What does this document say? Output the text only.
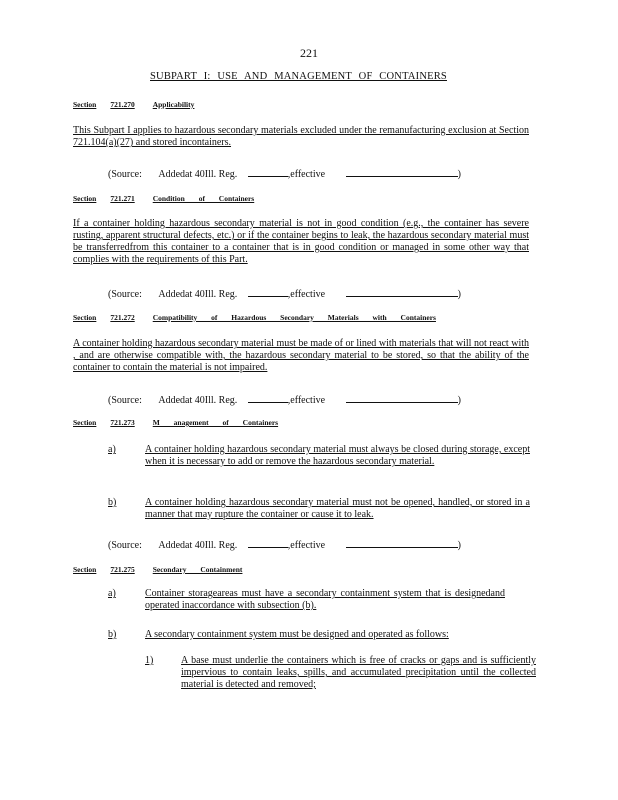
221
SUBPART I: USE AND MANAGEMENT OF CONTAINERS
Section 721.270 Applicability
This Subpart I applies to hazardous secondary materials excluded under the remanufacturing exclusion at Section 721.104(a)(27) and stored incontainers.
(Source: Addedat 40Ill. Reg.	,effective	)
Section 721.271 Condition of Containers
If a container holding hazardous secondary material is not in good condition (e.g., the container has severe rusting, apparent structural defects, etc.) or if the container begins to leak, the hazardous secondary material must be transferredfrom this container to a container that is in good condition or managed in some other way that complies with the requirements of this Part.
(Source: Addedat 40Ill. Reg.	,effective	)
Section 721.272 Compatibility of Hazardous Secondary Materials with Containers
A container holding hazardous secondary material must be made of or lined with materials that will not react with , and are otherwise compatible with, the hazardous secondary material to be stored, so that the ability of the container to contain the material is not impaired.
(Source: Addedat 40Ill. Reg.	,effective	)
Section 721.273 M anagement of Containers
a)	A container holding hazardous secondary material must always be closed during storage, except when it is necessary to add or remove the hazardous secondary material.
b)	A container holding hazardous secondary material must not be opened, handled, or stored in a manner that may rupture the container or cause it to leak.
(Source: Addedat 40Ill. Reg.	,effective	)
Section 721.275 Secondary Containment
a)	Container storageareas must have a secondary containment system that is designedand operated inaccordance with subsection (b).
b)	A secondary containment system must be designed and operated as follows:
1)	A base must underlie the containers which is free of cracks or gaps and is sufficiently impervious to contain leaks, spills, and accumulated precipitation until the collected material is detected and removed;
